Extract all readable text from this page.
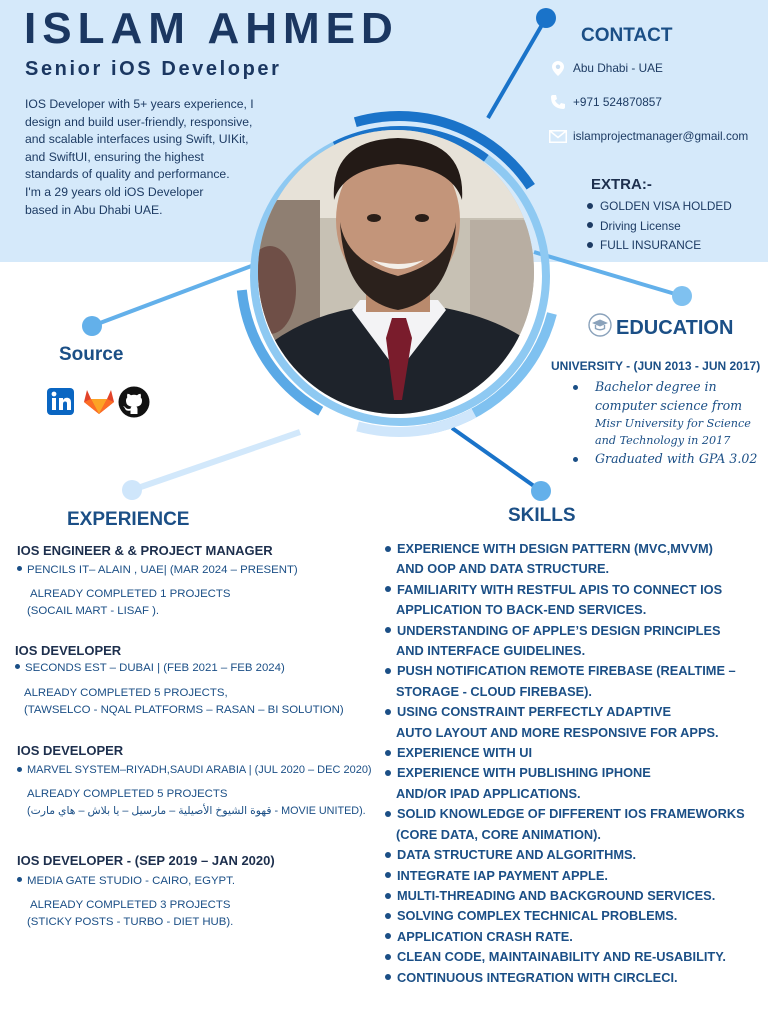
ISLAM AHMED
Senior iOS Developer
IOS Developer with 5+ years experience, I
design and build user-friendly, responsive,
and scalable interfaces using Swift, UIKit,
and SwiftUI, ensuring the highest
standards of quality and performance.
I'm a 29 years old iOS Developer
based in Abu Dhabi UAE.
CONTACT
Abu Dhabi - UAE
+971 524870857
islamprojectmanager@gmail.com
EXTRA:-
GOLDEN VISA HOLDED
Driving License
FULL INSURANCE
Source
EDUCATION
UNIVERSITY - (JUN 2013 - JUN 2017)
Bachelor degree in
computer science from
Misr University for Science
and Technology in 2017
Graduated with GPA 3.02
EXPERIENCE
IOS ENGINEER & & PROJECT MANAGER
PENCILS IT– ALAIN , UAE| (MAR 2024 – PRESENT)
ALREADY COMPLETED 1 PROJECTS
(SOCAIL MART - LISAF ).
IOS DEVELOPER
SECONDS EST – DUBAI | (FEB 2021 – FEB 2024)
ALREADY COMPLETED 5 PROJECTS,
(TAWSELCO - NQAL PLATFORMS – RASAN – BI SOLUTION)
IOS DEVELOPER
MARVEL SYSTEM–RIYADH,SAUDI ARABIA | (JUL 2020 – DEC 2020)
ALREADY COMPLETED 5 PROJECTS
(قهوة الشيوخ الأصيلية – مارسيل – يا بلاش – هاي مارت - MOVIE UNITED).
IOS DEVELOPER - (SEP 2019 – JAN 2020)
MEDIA GATE STUDIO - CAIRO, EGYPT.
ALREADY COMPLETED 3 PROJECTS
(STICKY POSTS - TURBO - DIET HUB).
SKILLS
EXPERIENCE WITH DESIGN PATTERN (MVC,MVVM)
AND OOP AND DATA STRUCTURE.
FAMILIARITY WITH RESTFUL APIS TO CONNECT IOS
APPLICATION TO BACK-END SERVICES.
UNDERSTANDING OF APPLE’S DESIGN PRINCIPLES
AND INTERFACE GUIDELINES.
PUSH NOTIFICATION REMOTE FIREBASE (REALTIME –
STORAGE - CLOUD FIREBASE).
USING CONSTRAINT PERFECTLY ADAPTIVE
AUTO LAYOUT AND MORE RESPONSIVE FOR APPS.
EXPERIENCE WITH UI
EXPERIENCE WITH PUBLISHING IPHONE
AND/OR IPAD APPLICATIONS.
SOLID KNOWLEDGE OF DIFFERENT IOS FRAMEWORKS
(CORE DATA, CORE ANIMATION).
DATA STRUCTURE AND ALGORITHMS.
INTEGRATE IAP PAYMENT APPLE.
MULTI-THREADING AND BACKGROUND SERVICES.
SOLVING COMPLEX TECHNICAL PROBLEMS.
APPLICATION CRASH RATE.
CLEAN CODE, MAINTAINABILITY AND RE-USABILITY.
CONTINUOUS INTEGRATION WITH CIRCLECI.
